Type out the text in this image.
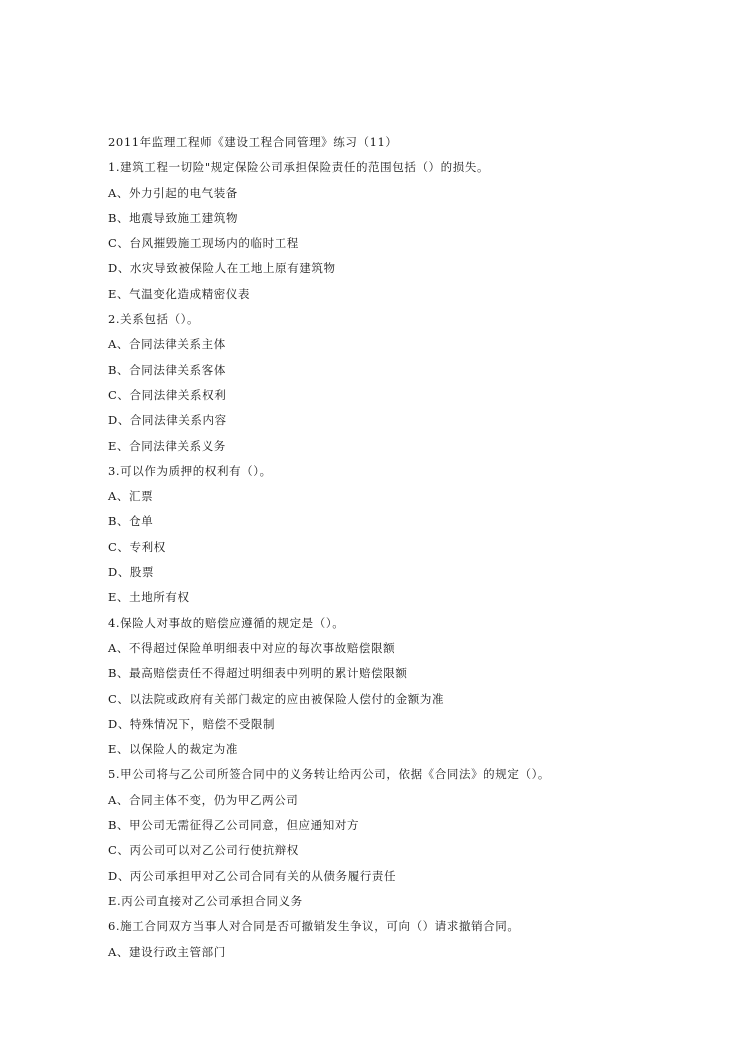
2011年监理工程师《建设工程合同管理》练习（11）
1.建筑工程一切险"规定保险公司承担保险责任的范围包括（）的损失。
A、外力引起的电气装备
B、地震导致施工建筑物
C、台风摧毁施工现场内的临时工程
D、水灾导致被保险人在工地上原有建筑物
E、气温变化造成精密仪表
2.关系包括（）。
A、合同法律关系主体
B、合同法律关系客体
C、合同法律关系权利
D、合同法律关系内容
E、合同法律关系义务
3.可以作为质押的权利有（）。
A、汇票
B、仓单
C、专利权
D、股票
E、土地所有权
4.保险人对事故的赔偿应遵循的规定是（）。
A、不得超过保险单明细表中对应的每次事故赔偿限额
B、最高赔偿责任不得超过明细表中列明的累计赔偿限额
C、以法院或政府有关部门裁定的应由被保险人偿付的金额为准
D、特殊情况下，赔偿不受限制
E、以保险人的裁定为准
5.甲公司将与乙公司所签合同中的义务转让给丙公司，依据《合同法》的规定（）。
A、合同主体不变，仍为甲乙两公司
B、甲公司无需征得乙公司同意，但应通知对方
C、丙公司可以对乙公司行使抗辩权
D、丙公司承担甲对乙公司合同有关的从债务履行责任
E.丙公司直接对乙公司承担合同义务
6.施工合同双方当事人对合同是否可撤销发生争议，可向（）请求撤销合同。
A、建设行政主管部门
